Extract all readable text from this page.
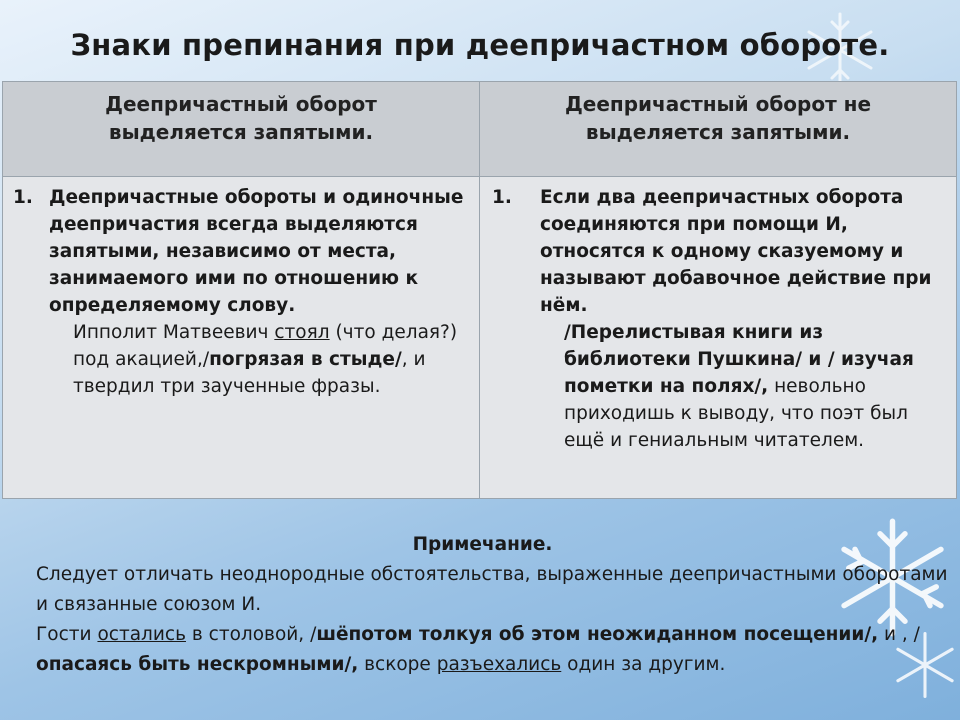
Знаки препинания при деепричастном обороте.
Деепричастный оборот выделяется запятыми.
Деепричастный оборот не выделяется запятыми.
1. Деепричастные обороты и одиночные деепричастия всегда выделяются запятыми, независимо от места, занимаемого ими по отношению к определяемому слову.
Ипполит Матвеевич стоял (что делая?) под акацией,/погрязая в стыде/, и твердил три заученные фразы.
1. Если два деепричастных оборота соединяются при помощи И, относятся к одному сказуемому и называют добавочное действие при нём.
/Перелистывая книги из библиотеки Пушкина/ и / изучая пометки на полях/, невольно приходишь к выводу, что поэт был ещё и гениальным читателем.
Примечание.
Следует отличать неоднородные обстоятельства, выраженные деепричастными оборотами и связанные союзом И.
Гости остались в столовой, /шёпотом толкуя об этом неожиданном посещении/, и , /опасаясь быть нескромными/, вскоре разъехались один за другим.
